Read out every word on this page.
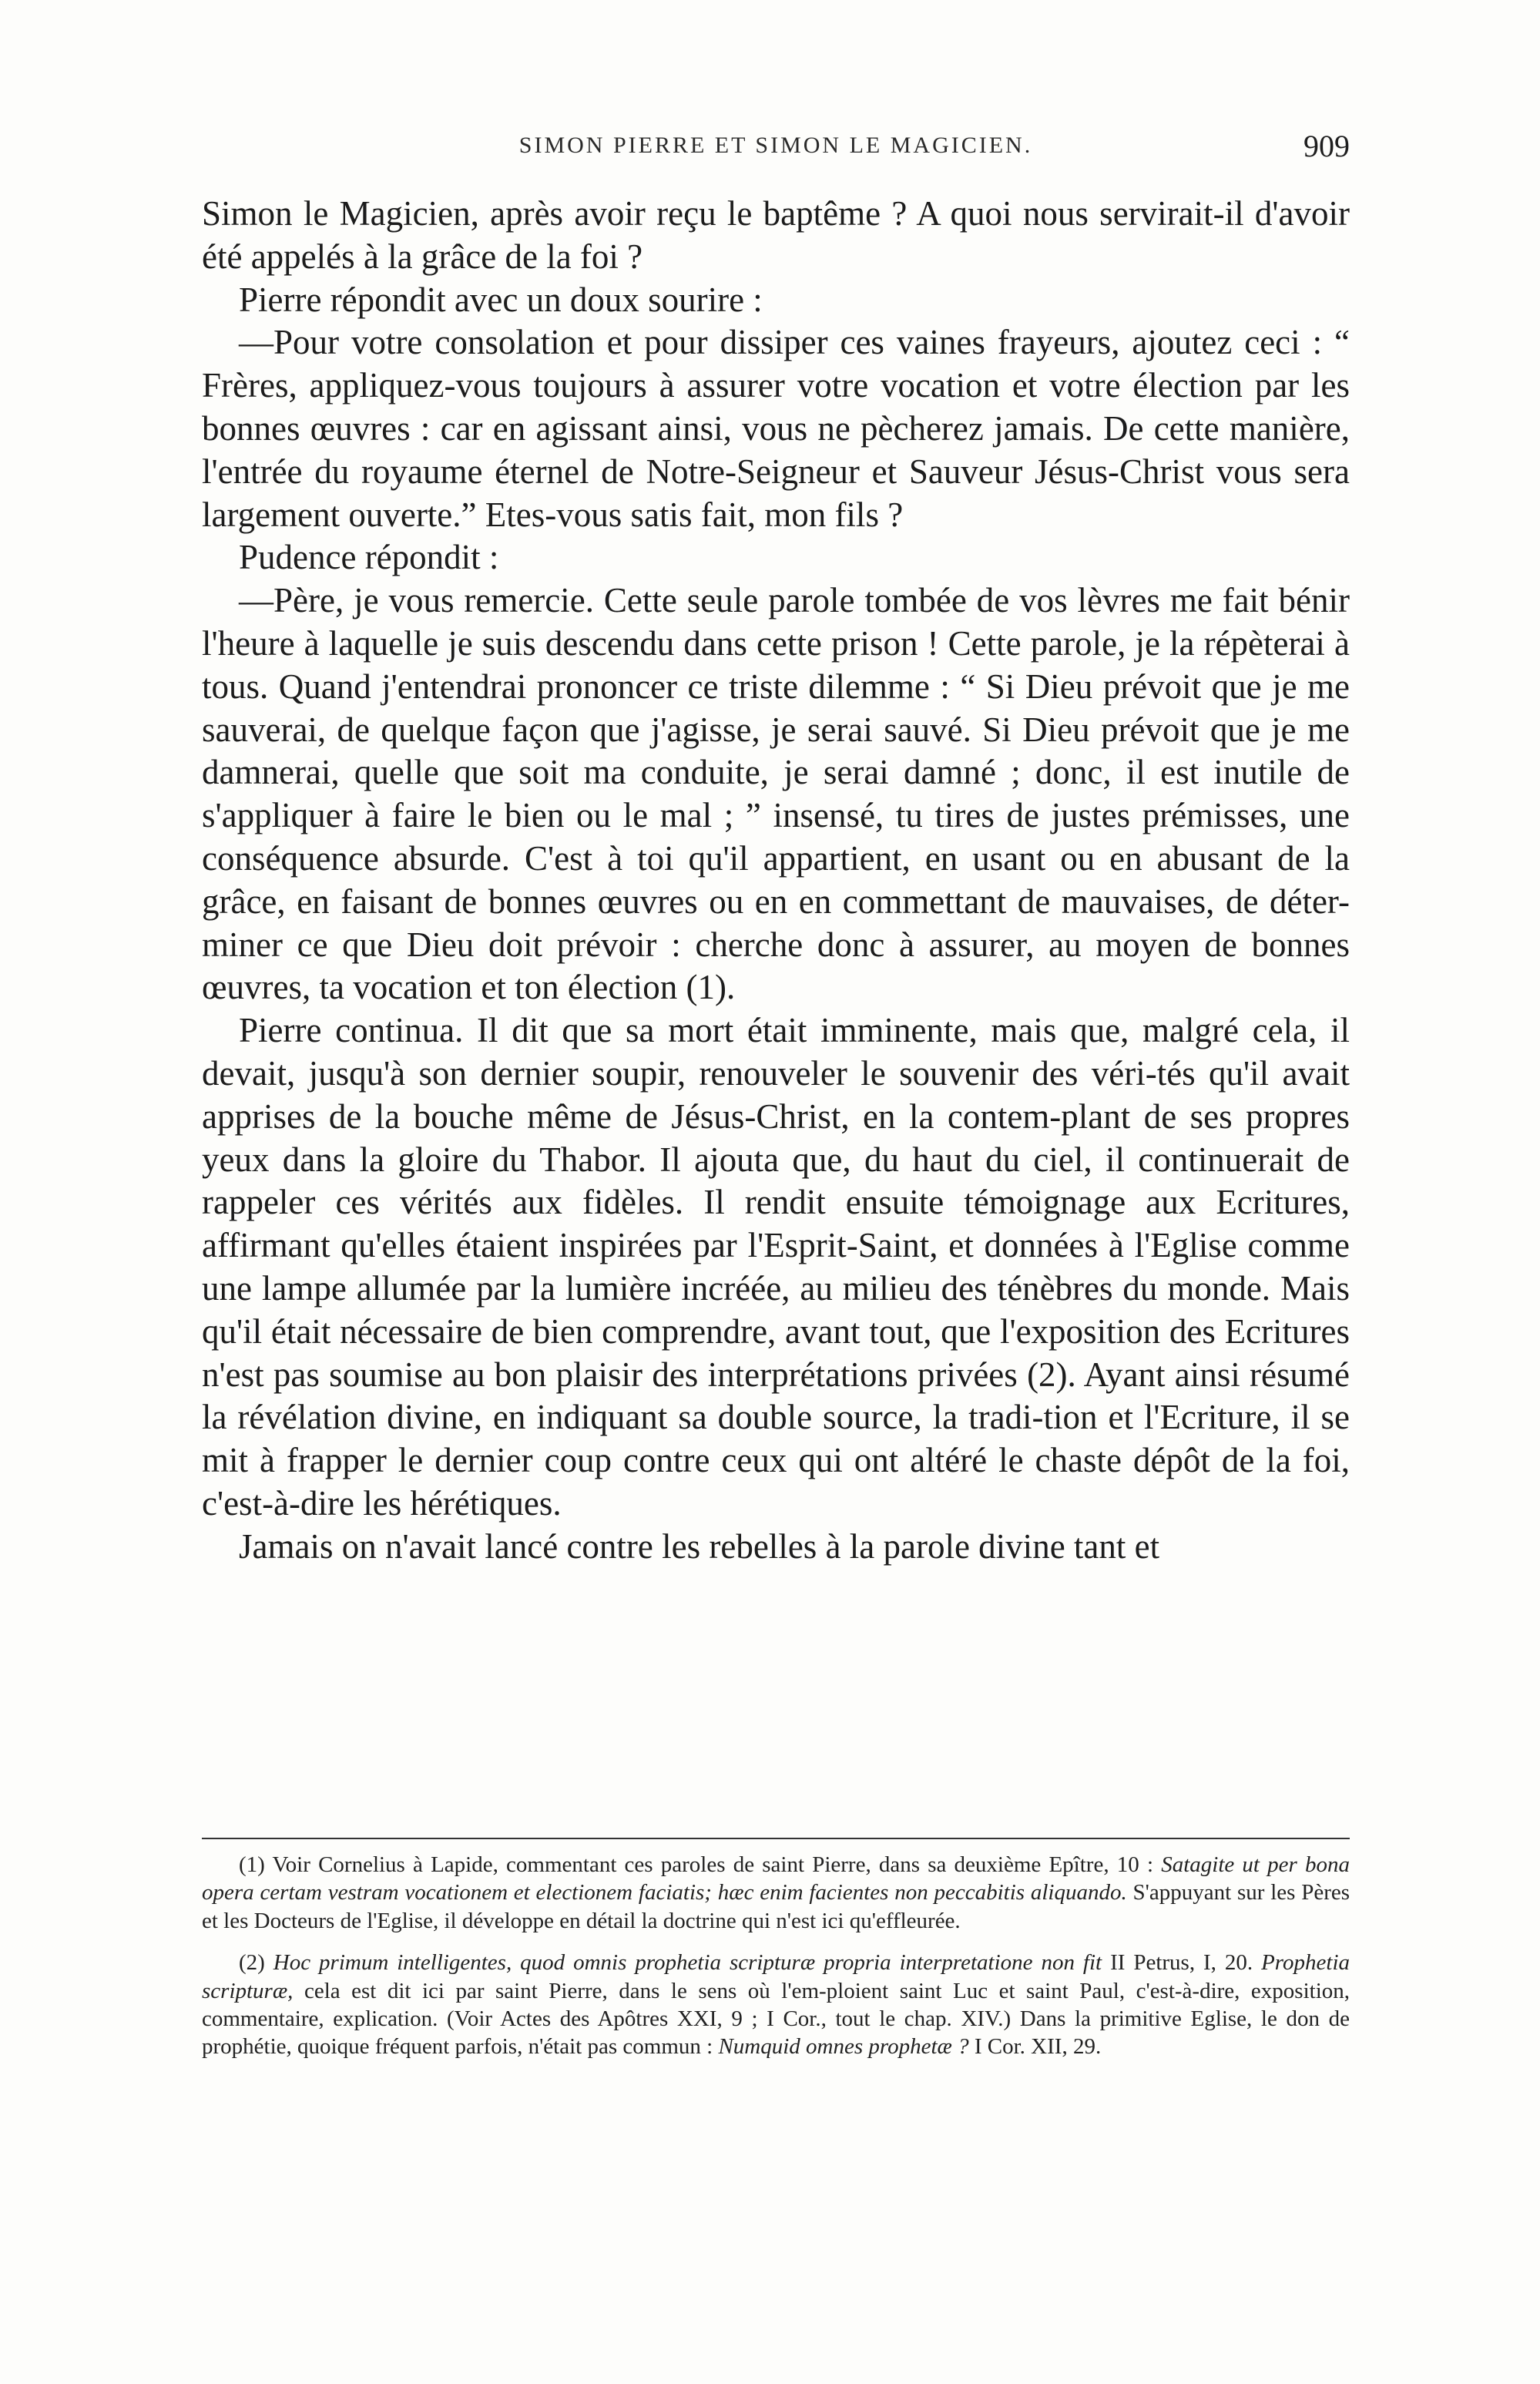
SIMON PIERRE ET SIMON LE MAGICIEN.	909

Simon le Magicien, après avoir reçu le baptême ? A quoi nous servirait-il d'avoir été appelés à la grâce de la foi ?

Pierre répondit avec un doux sourire :

—Pour votre consolation et pour dissiper ces vaines frayeurs, ajoutez ceci : “ Frères, appliquez-vous toujours à assurer votre vocation et votre élection par les bonnes œuvres : car en agissant ainsi, vous ne pècherez jamais. De cette manière, l'entrée du royaume éternel de Notre-Seigneur et Sauveur Jésus-Christ vous sera largement ouverte.” Etes-vous satis fait, mon fils ?

Pudence répondit :

—Père, je vous remercie. Cette seule parole tombée de vos lèvres me fait bénir l'heure à laquelle je suis descendu dans cette prison ! Cette parole, je la répèterai à tous. Quand j'entendrai prononcer ce triste dilemme : “ Si Dieu prévoit que je me sauverai, de quelque façon que j'agisse, je serai sauvé. Si Dieu prévoit que je me damnerai, quelle que soit ma conduite, je serai damné ; donc, il est inutile de s'appliquer à faire le bien ou le mal ; ” insensé, tu tires de justes prémisses, une conséquence absurde. C'est à toi qu'il appartient, en usant ou en abusant de la grâce, en faisant de bonnes œuvres ou en en commettant de mauvaises, de déter-miner ce que Dieu doit prévoir : cherche donc à assurer, au moyen de bonnes œuvres, ta vocation et ton élection (1).

Pierre continua. Il dit que sa mort était imminente, mais que, malgré cela, il devait, jusqu'à son dernier soupir, renouveler le souvenir des véri-tés qu'il avait apprises de la bouche même de Jésus-Christ, en la contem-plant de ses propres yeux dans la gloire du Thabor. Il ajouta que, du haut du ciel, il continuerait de rappeler ces vérités aux fidèles. Il rendit ensuite témoignage aux Ecritures, affirmant qu'elles étaient inspirées par l'Esprit-Saint, et données à l'Eglise comme une lampe allumée par la lumière incréée, au milieu des ténèbres du monde. Mais qu'il était nécessaire de bien comprendre, avant tout, que l'exposition des Ecritures n'est pas soumise au bon plaisir des interprétations privées (2). Ayant ainsi résumé la révélation divine, en indiquant sa double source, la tradi-tion et l'Ecriture, il se mit à frapper le dernier coup contre ceux qui ont altéré le chaste dépôt de la foi, c'est-à-dire les hérétiques.

Jamais on n'avait lancé contre les rebelles à la parole divine tant et

(1) Voir Cornelius à Lapide, commentant ces paroles de saint Pierre, dans sa deuxième Epître, 10 : Satagite ut per bona opera certam vestram vocationem et electionem faciatis; hæc enim facientes non peccabitis aliquando. S'appuyant sur les Pères et les Docteurs de l'Eglise, il développe en détail la doctrine qui n'est ici qu'effleurée.

(2) Hoc primum intelligentes, quod omnis prophetia scripturæ propria interpretatione non fit II Petrus, I, 20. Prophetia scripturæ, cela est dit ici par saint Pierre, dans le sens où l'em-ploient saint Luc et saint Paul, c'est-à-dire, exposition, commentaire, explication. (Voir Actes des Apôtres XXI, 9 ; I Cor., tout le chap. XIV.) Dans la primitive Eglise, le don de prophétie, quoique fréquent parfois, n'était pas commun : Numquid omnes prophetæ ? I Cor. XII, 29.
